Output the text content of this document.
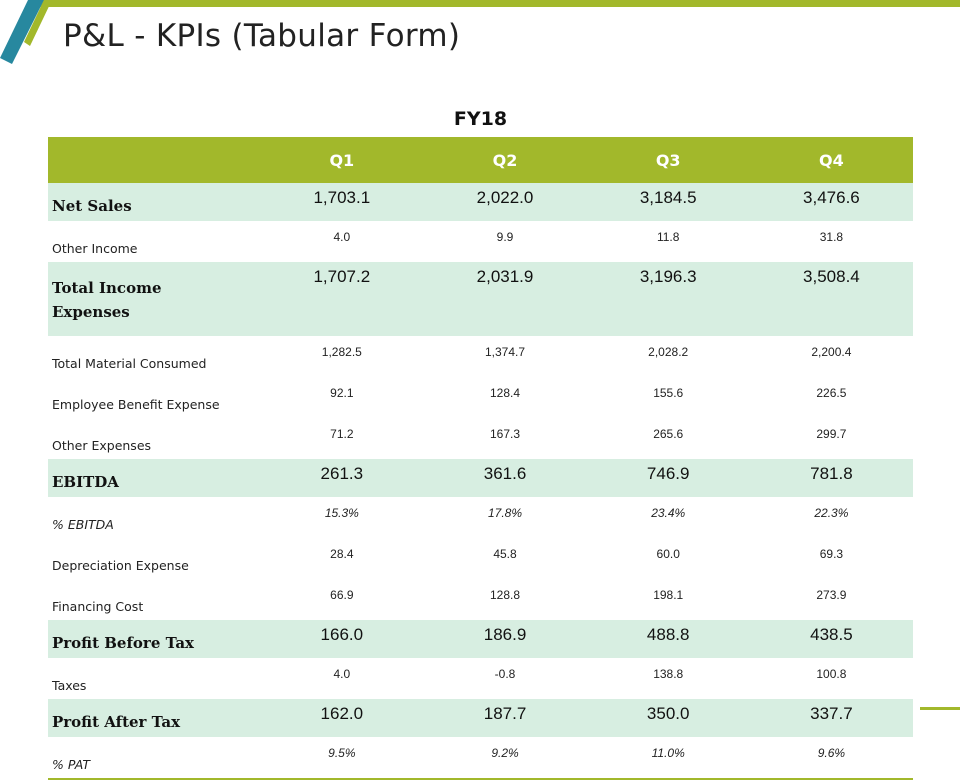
P&L - KPIs (Tabular Form)
FY18
	Q1	Q2	Q3	Q4
Net Sales	1,703.1	2,022.0	3,184.5	3,476.6
Other Income	4.0	9.9	11.8	31.8
Total Income	1,707.2	2,031.9	3,196.3	3,508.4
Expenses				
Total Material Consumed	1,282.5	1,374.7	2,028.2	2,200.4
Employee Benefit Expense	92.1	128.4	155.6	226.5
Other Expenses	71.2	167.3	265.6	299.7
EBITDA	261.3	361.6	746.9	781.8
% EBITDA	15.3%	17.8%	23.4%	22.3%
Depreciation Expense	28.4	45.8	60.0	69.3
Financing Cost	66.9	128.8	198.1	273.9
Profit Before Tax	166.0	186.9	488.8	438.5
Taxes	4.0	-0.8	138.8	100.8
Profit After Tax	162.0	187.7	350.0	337.7
% PAT	9.5%	9.2%	11.0%	9.6%
